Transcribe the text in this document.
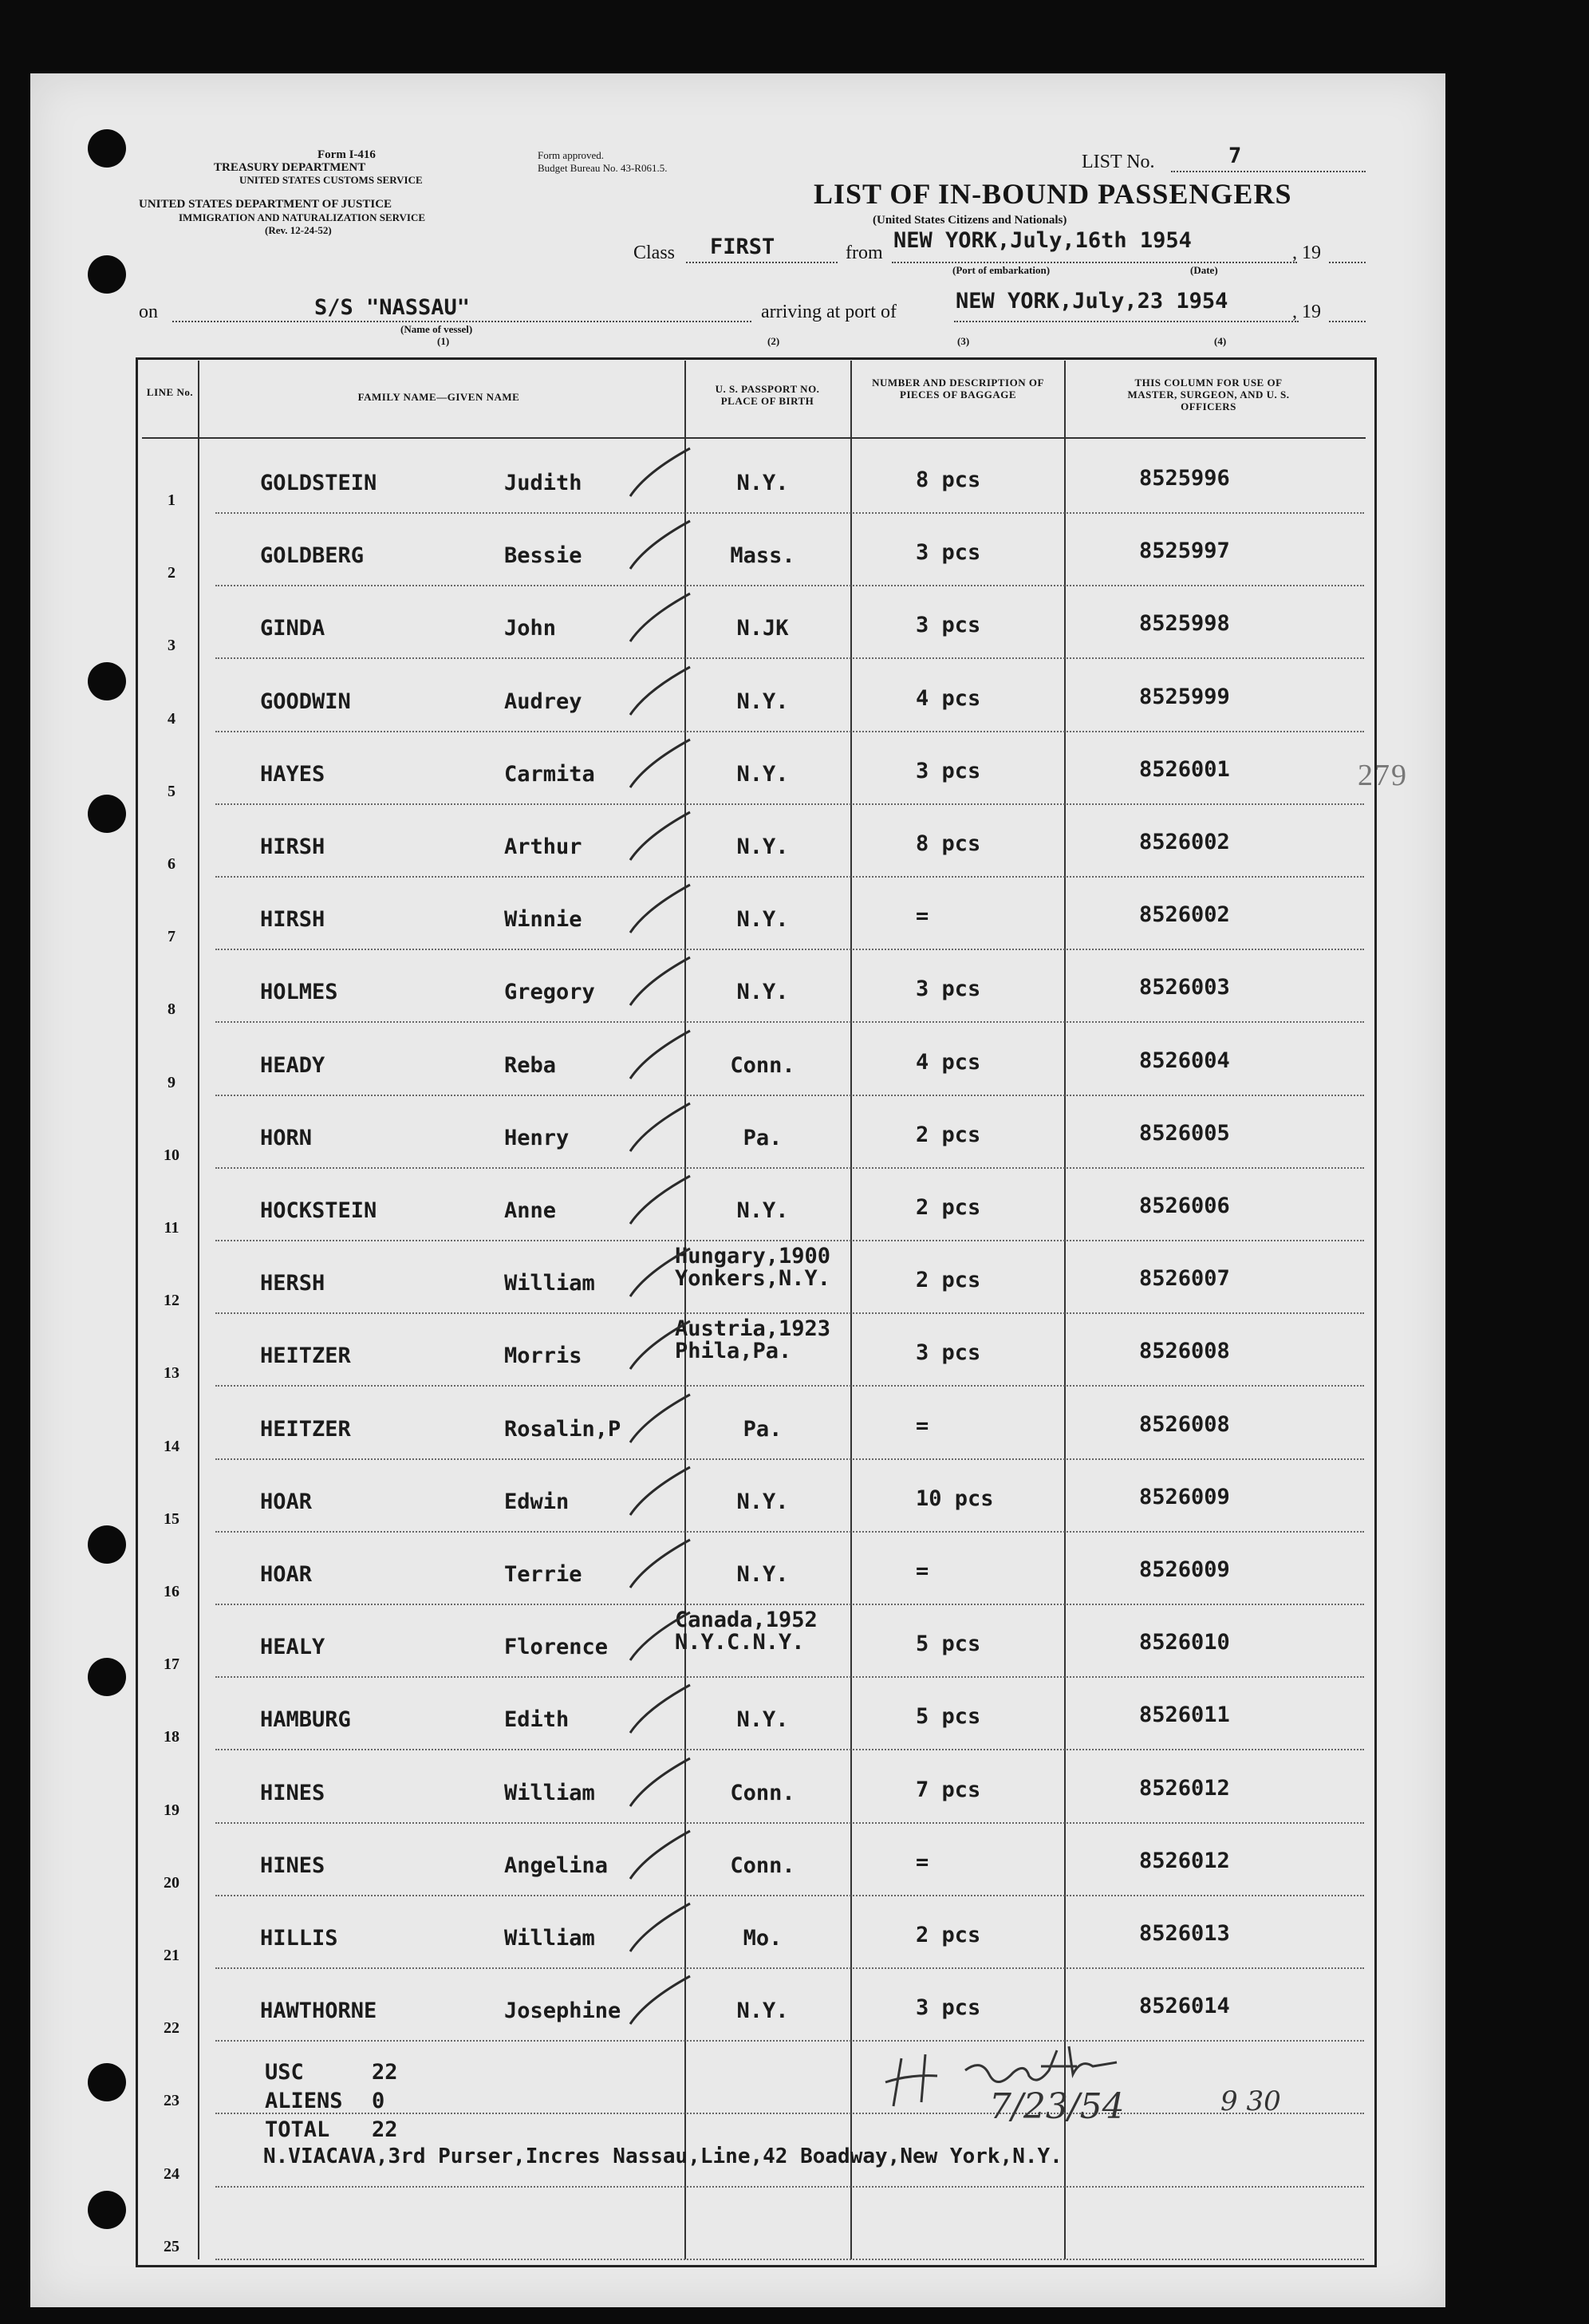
Form I-416
TREASURY DEPARTMENT
UNITED STATES CUSTOMS SERVICE
UNITED STATES DEPARTMENT OF JUSTICE
IMMIGRATION AND NATURALIZATION SERVICE
(Rev. 12-24-52)
Form approved.
Budget Bureau No. 43-R061.5.	LIST No.	7
LIST OF IN-BOUND PASSENGERS
(United States Citizens and Nationals)
Class FIRST	from NEW YORK,July,16th 1954	, 19
(Port of embarkation)	(Date)
on	S/S "NASSAU"
(Name of vessel)
(1)
arriving at port of	NEW YORK,July,23 1954	, 19
(2)	(3)	(4)
279
LINE No.	FAMILY NAME—GIVEN NAME
U. S. PASSPORT NO. PLACE OF BIRTH
NUMBER AND DESCRIPTION OF PIECES OF BAGGAGE
THIS COLUMN FOR USE OF MASTER, SURGEON, AND U. S. OFFICERS
1
GOLDSTEIN	Judith	N.Y.	8 pcs	8525996
2
GOLDBERG	Bessie	Mass.	3 pcs	8525997
3
GINDA	John	N.JK	3 pcs	8525998
4
GOODWIN	Audrey	N.Y.	4 pcs	8525999
5
HAYES	Carmita	N.Y.	3 pcs	8526001
6
HIRSH	Arthur	N.Y.	8 pcs	8526002
7
HIRSH	Winnie	N.Y.	=	8526002
8
HOLMES	Gregory	N.Y.	3 pcs	8526003
9
HEADY	Reba	Conn.	4 pcs	8526004
10
HORN	Henry	Pa.	2 pcs	8526005
11
HOCKSTEIN	Anne	N.Y.	2 pcs	8526006
12
HERSH	William
Hungary,1900
Yonkers,N.Y.	2 pcs	8526007
13
HEITZER	Morris
Austria,1923
Phila,Pa.	3 pcs	8526008
14
HEITZER	Rosalin,P	Pa.	=	8526008
15
HOAR	Edwin	N.Y.	10 pcs	8526009
16
HOAR	Terrie	N.Y.	=	8526009
17
HEALY	Florence
Canada,1952
N.Y.C.N.Y.	5 pcs	8526010
18
HAMBURG	Edith	N.Y.	5 pcs	8526011
19
HINES	William	Conn.	7 pcs	8526012
20
HINES	Angelina	Conn.	=	8526012
21
HILLIS	William	Mo.	2 pcs	8526013
22
HAWTHORNE	Josephine	N.Y.	3 pcs	8526014
23
24
25
USC	22
ALIENS 0
TOTAL 22
N.VIACAVA,3rd Purser,Incres Nassau,Line,42 Boadway,New York,N.Y.
7/23/54	9 30
